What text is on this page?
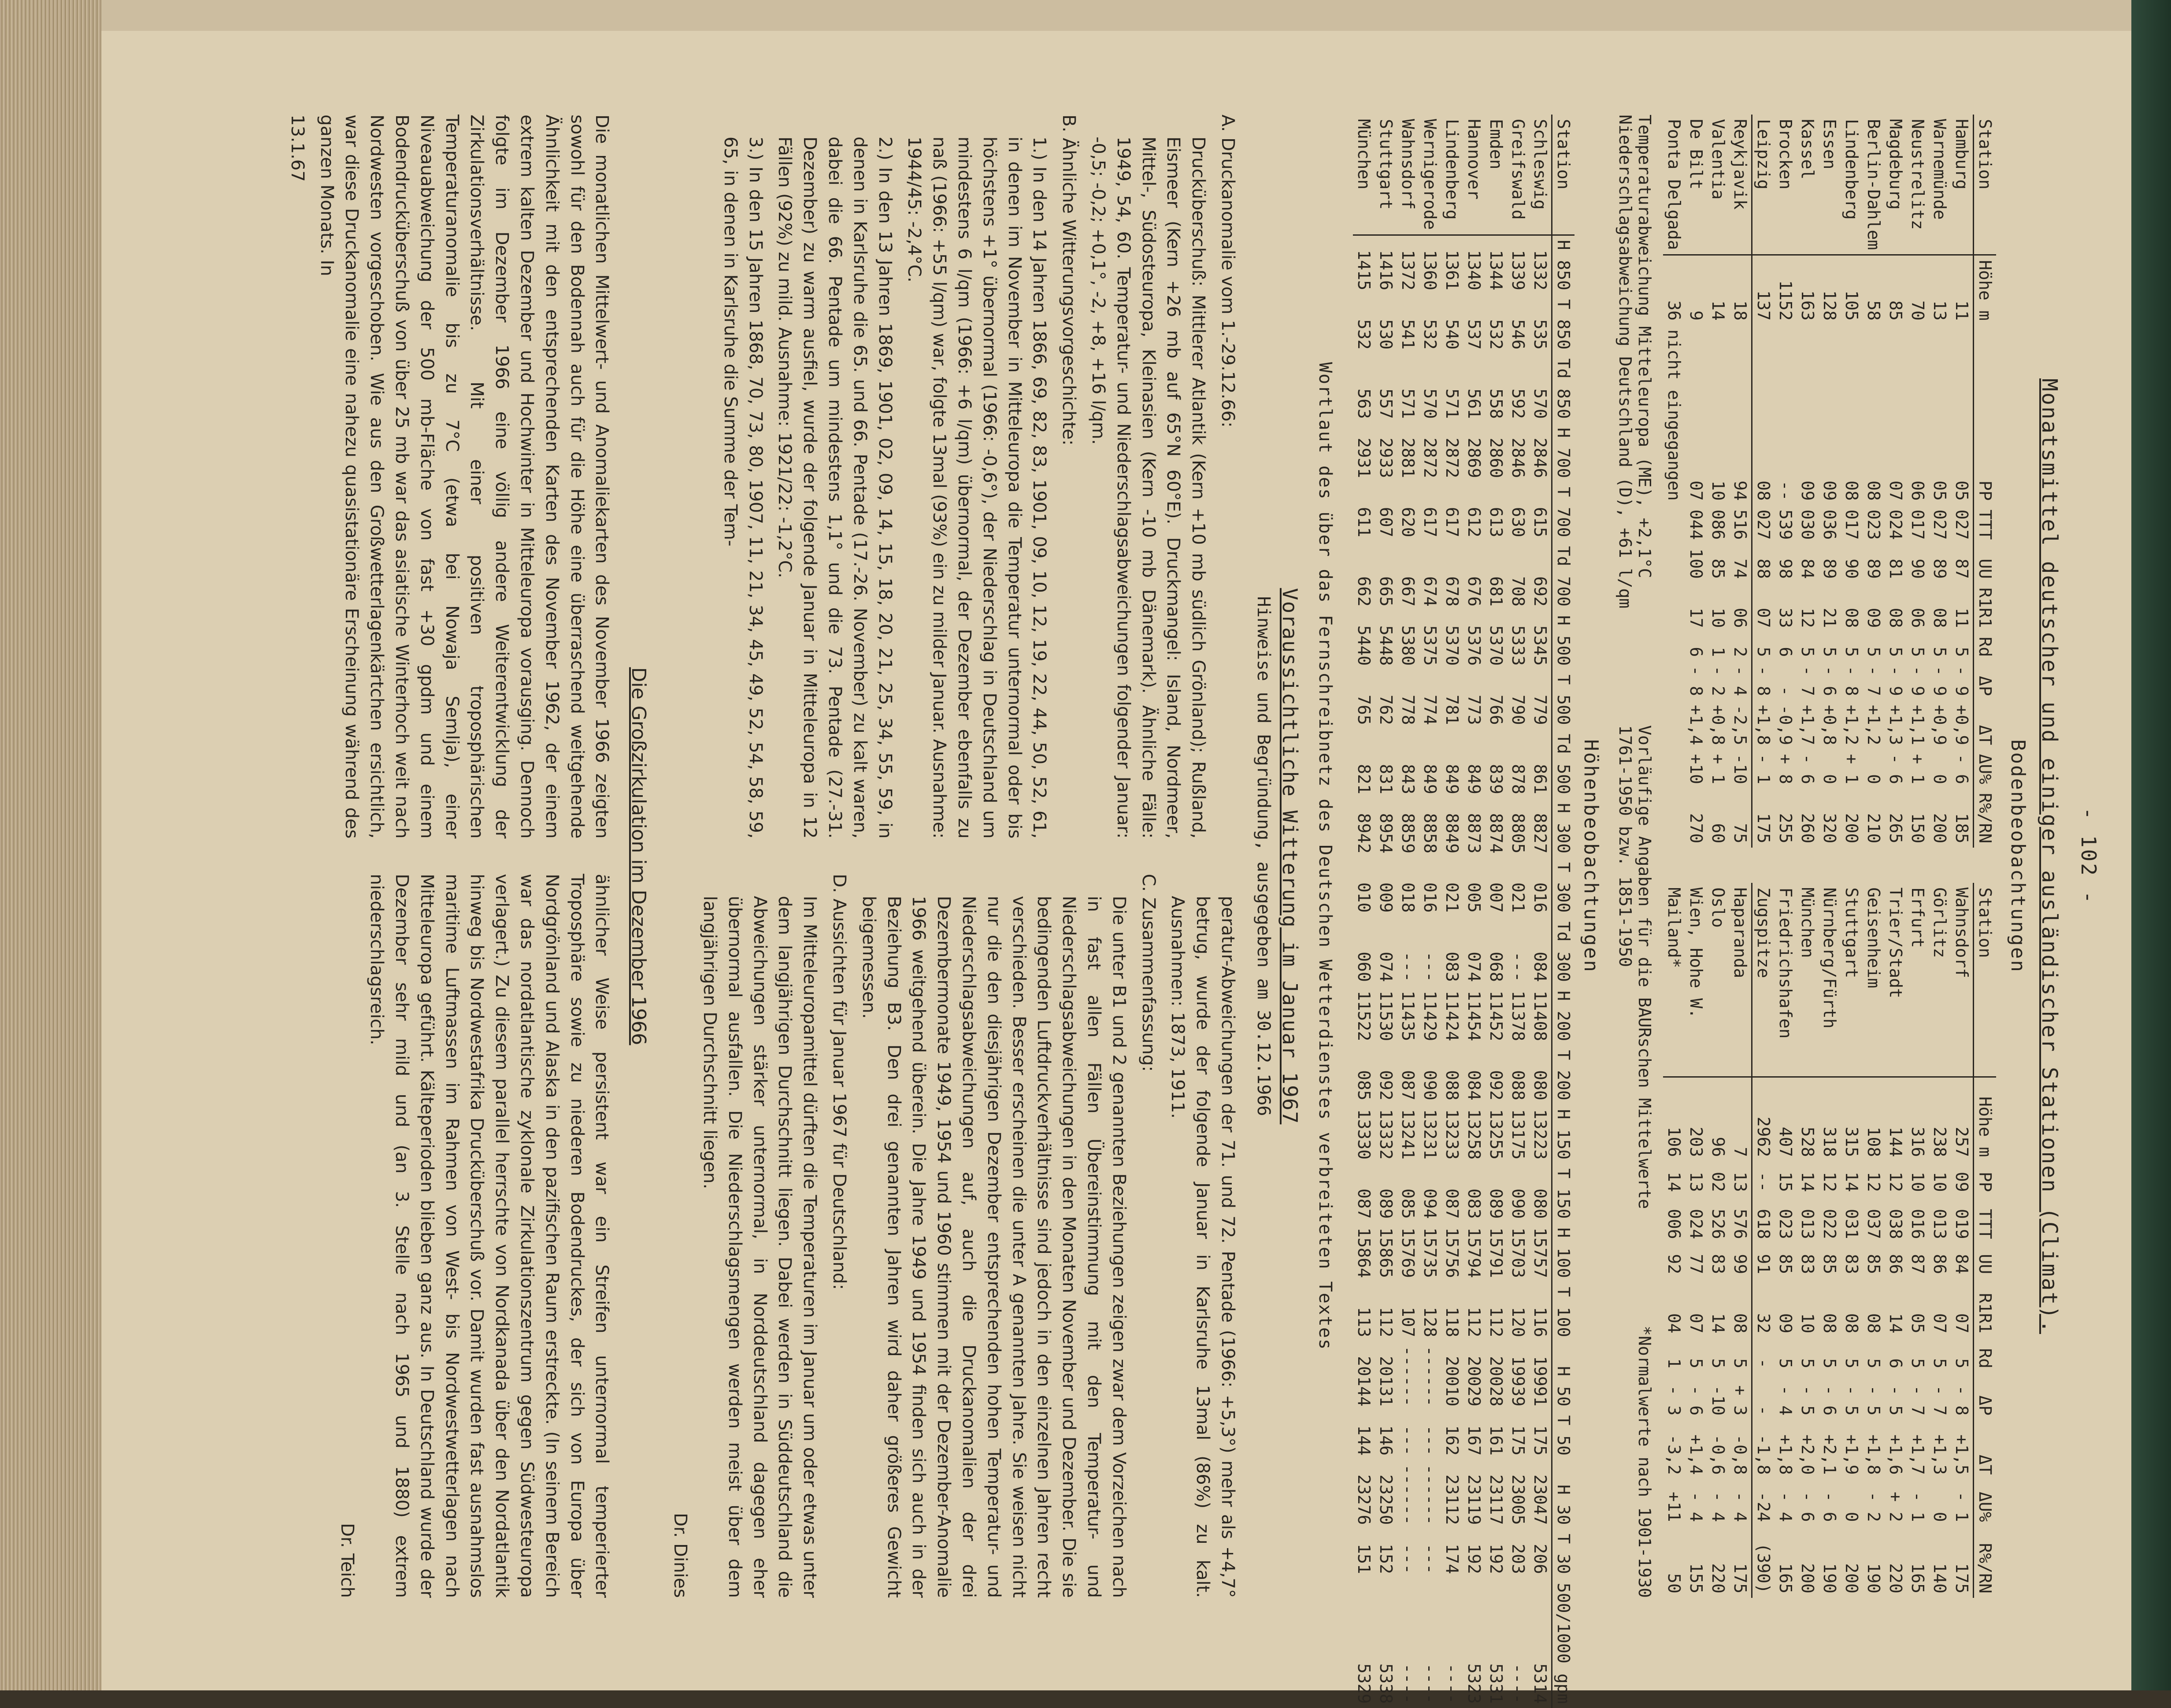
- 102 -
Monatsmittel deutscher und einiger ausländischer Stationen (Climat).
Bodenbeobachtungen
Station	Höhe m	PP	TTT	UU	R1R1	Rd	ΔP	ΔT	ΔU%	R%/RN
Hamburg	11	05	027	87	11	5	- 9	+0,9	- 6	185
Warnemünde	13	05	027	89	08	5	- 9	+0,9	0	200
Neustrelitz	70	06	017	90	06	5	- 9	+1,1	+ 1	150
Magdeburg	85	07	024	81	08	5	- 9	+1,3	- 6	265
Berlin-Dahlem	58	08	023	89	09	5	- 7	+1,2	0	210
Lindenberg	105	08	017	90	08	5	- 8	+1,2	+ 1	200
Essen	128	09	036	89	21	5	- 6	+0,8	0	320
Kassel	163	09	030	84	12	5	- 7	+1,7	- 6	260
Brocken	1152	--	539	98	33	6	-	-0,9	+ 8	255
Leipzig	137	08	027	88	07	5	- 8	+1,8	- 1	175
Reykjavik	18	94	516	74	06	2	- 4	-2,5	-10	75
Valentia	14	10	086	85	10	1	- 2	+0,8	+ 1	60
De Bilt	9	07	044	100	17	6	- 8	+1,4	+10	270
Ponta Delgada	36	nicht eingegangen								
Station	Höhe m	PP	TTT	UU	R1R1	Rd	ΔP	ΔT	ΔU%	R%/RN
Wahnsdorf	257	09	019	84	07	5	- 8	+1,5	- 1	175
Görlitz	238	10	013	86	07	5	- 7	+1,3	0	140
Erfurt	316	10	016	87	05	5	- 7	+1,7	- 1	165
Trier/Stadt	144	12	038	86	14	6	- 5	+1,6	+ 2	220
Geisenheim	108	12	037	85	08	5	- 5	+1,8	- 2	190
Stuttgart	315	14	031	83	08	5	- 5	+1,9	0	200
Nürnberg/Fürth	318	12	022	85	08	5	- 6	+2,1	- 6	190
München	528	14	013	83	10	5	- 5	+2,0	- 6	200
Friedrichshafen	407	15	023	85	09	5	- 4	+1,8	- 4	165
Zugspitze	2962	--	618	91	32	-	-	-1,8	-24	(390)
Haparanda	7	13	576	99	08	5	+ 3	-0,8	- 4	175
Oslo	96	02	526	83	14	5	-10	-0,6	- 4	220
Wien, Hohe W.	203	13	024	77	07	5	- 6	+1,4	- 4	155
Mailand*	106	14	006	92	04	1	- 3	-3,2	+11	50
Temperaturabweichung Mitteleuropa (ME), +2,1°C
Niederschlagsabweichung Deutschland (D), +61 l/qm
Vorläufige Angaben für die BAURschen Mittelwerte
1761-1950 bzw. 1851-1950
*Normalwerte nach 1901-1930
Höhenbeobachtungen
Station	H 850	T 850	Td 850	H 700	T 700	Td 700	H 500	T 500	Td 500	H 300	T 300	Td 300	H 200	T 200	H 150	T 150	H 100	T 100	H 50	T 50	H 30	T 30	500/1000 gpm
Schleswig	1332	535	570	2846	615	692	5345	779	861	8827	016	084	11408	080	13223	080	15757	116	19991	175	23047	206	5314
Greifswald	1339	546	592	2846	630	708	5333	790	878	8805	021	---	11378	088	13175	090	15703	120	19939	175	23005	203	----
Emden	1344	532	558	2860	613	681	5370	766	839	8874	007	068	11452	092	13255	089	15791	112	20028	161	23117	192	5331
Hannover	1340	537	561	2869	612	676	5376	773	849	8873	005	074	11454	084	13258	083	15794	112	20029	167	23119	192	5323
Lindenberg	1361	540	571	2872	617	678	5370	781	849	8849	021	083	11424	088	13233	087	15756	118	20010	162	23112	174	----
Wernigerode	1360	532	570	2872	617	674	5375	774	849	8858	016	---	11429	090	13231	094	15735	128	------	---	------	---	----
Wahnsdorf	1372	541	571	2881	620	667	5380	778	843	8859	018	---	11435	087	13241	085	15769	107	------	---	------	---	----
Stuttgart	1416	530	557	2933	607	665	5448	762	831	8954	009	074	11530	092	13332	089	15865	112	20131	146	23250	152	5338
München	1415	532	563	2931	611	662	5440	765	821	8942	010	060	11522	085	13330	087	15864	113	20144	144	23276	151	5329
Wortlaut des über das Fernschreibnetz des Deutschen Wetterdienstes verbreiteten Textes
Voraussichtliche Witterung im Januar 1967
Hinweise und Begründung, ausgegeben am 30.12.1966

A. Druckanomalie vom 1.-29.12.66:

Drucküberschuß: Mittlerer Atlantik (Kern +10 mb südlich Grönland); Rußland, Eismeer (Kern +26 mb auf 65°N 60°E). Druckmangel: Island, Nordmeer, Mittel-, Südosteuropa, Kleinasien (Kern -10 mb Dänemark). Ähnliche Fälle: 1949, 54, 60. Temperatur- und Niederschlagsabweichungen folgender Januar: -0,5; -0,2; +0,1°, -2, +8, +16 l/qm.

B. Ähnliche Witterungsvorgeschichte:

1.) In den 14 Jahren 1866, 69, 82, 83, 1901, 09, 10, 12, 19, 22, 44, 50, 52, 61, in denen im November in Mitteleuropa die Temperatur unternormal oder bis höchstens +1° übernormal (1966: -0,6°), der Niederschlag in Deutschland um mindestens 6 l/qm (1966: +6 l/qm) übernormal, der Dezember ebenfalls zu naß (1966: +55 l/qm) war, folgte 13mal (93%) ein zu milder Januar. Ausnahme: 1944/45: -2,4°C.

2.) In den 13 Jahren 1869, 1901, 02, 09, 14, 15, 18, 20, 21, 25, 34, 55, 59, in denen in Karlsruhe die 65. und 66. Pentade (17.-26. November) zu kalt waren, dabei die 66. Pentade um mindestens 1,1° und die 73. Pentade (27.-31. Dezember) zu warm ausfiel, wurde der folgende Januar in Mitteleuropa in 12 Fällen (92%) zu mild. Ausnahme: 1921/22: -1,2°C.

3.) In den 15 Jahren 1868, 70, 73, 80, 1907, 11, 21, 34, 45, 49, 52, 54, 58, 59, 65, in denen in Karlsruhe die Summe der Tem-

peratur-Abweichungen der 71. und 72. Pentade (1966: +5,3°) mehr als +4,7° betrug, wurde der folgende Januar in Karlsruhe 13mal (86%) zu kalt. Ausnahmen: 1873, 1911.

C. Zusammenfassung:

Die unter B1 und 2 genannten Beziehungen zeigen zwar dem Vorzeichen nach in fast allen Fällen Übereinstimmung mit den Temperatur- und Niederschlagsabweichungen in den Monaten November und Dezember. Die sie bedingenden Luftdruckverhältnisse sind jedoch in den einzelnen Jahren recht verschieden. Besser erscheinen die unter A genannten Jahre. Sie weisen nicht nur die den diesjährigen Dezember entsprechenden hohen Temperatur- und Niederschlagsabweichungen auf, auch die Druckanomalien der drei Dezembermonate 1949, 1954 und 1960 stimmen mit der Dezember-Anomalie 1966 weitgehend überein. Die Jahre 1949 und 1954 finden sich auch in der Beziehung B3. Den drei genannten Jahren wird daher größeres Gewicht beigemessen.

D. Aussichten für Januar 1967 für Deutschland:

Im Mitteleuropamittel dürften die Temperaturen im Januar um oder etwas unter dem langjährigen Durchschnitt liegen. Dabei werden in Süddeutschland die Abweichungen stärker unternormal, in Norddeutschland dagegen eher übernormal ausfallen. Die Niederschlagsmengen werden meist über dem langjährigen Durchschnitt liegen.

Dr. Dinies
Die Großzirkulation im Dezember 1966

Die monatlichen Mittelwert- und Anomaliekarten des November 1966 zeigten sowohl für den Bodennah auch für die Höhe eine überraschend weitgehende Ähnlichkeit mit den entsprechenden Karten des November 1962, der einem extrem kalten Dezember und Hochwinter in Mitteleuropa vorausging. Dennoch folgte im Dezember 1966 eine völlig andere Weiterentwicklung der Zirkulationsverhältnisse. Mit einer positiven troposphärischen Temperaturanomalie bis zu 7°C (etwa bei Nowaja Semlja), einer Niveauabweichung der 500 mb-Fläche von fast +30 gpdm und einem Bodendrucküberschuß von über 25 mb war das asiatische Winterhoch weit nach Nordwesten vorgeschoben. Wie aus den Großwetterlagenkärtchen ersichtlich, war diese Druckanomalie eine nahezu quasistationäre Erscheinung während des ganzen Monats. In

13.1.67

ähnlicher Weise persistent war ein Streifen unternormal temperierter Troposphäre sowie zu niederen Bodendruckes, der sich von Europa über Nordgrönland und Alaska in den pazifischen Raum erstreckte. (In seinem Bereich war das nordatlantische zyklonale Zirkulationszentrum gegen Südwesteuropa verlagert.) Zu diesem parallel herrschte von Nordkanada über den Nordatlantik hinweg bis Nordwestafrika Drucküberschuß vor. Damit wurden fast ausnahmslos maritime Luftmassen im Rahmen von West- bis Nordwestwetterlagen nach Mitteleuropa geführt. Kälteperioden blieben ganz aus. In Deutschland wurde der Dezember sehr mild und (an 3. Stelle nach 1965 und 1880) extrem niederschlagsreich.

Dr. Teich
